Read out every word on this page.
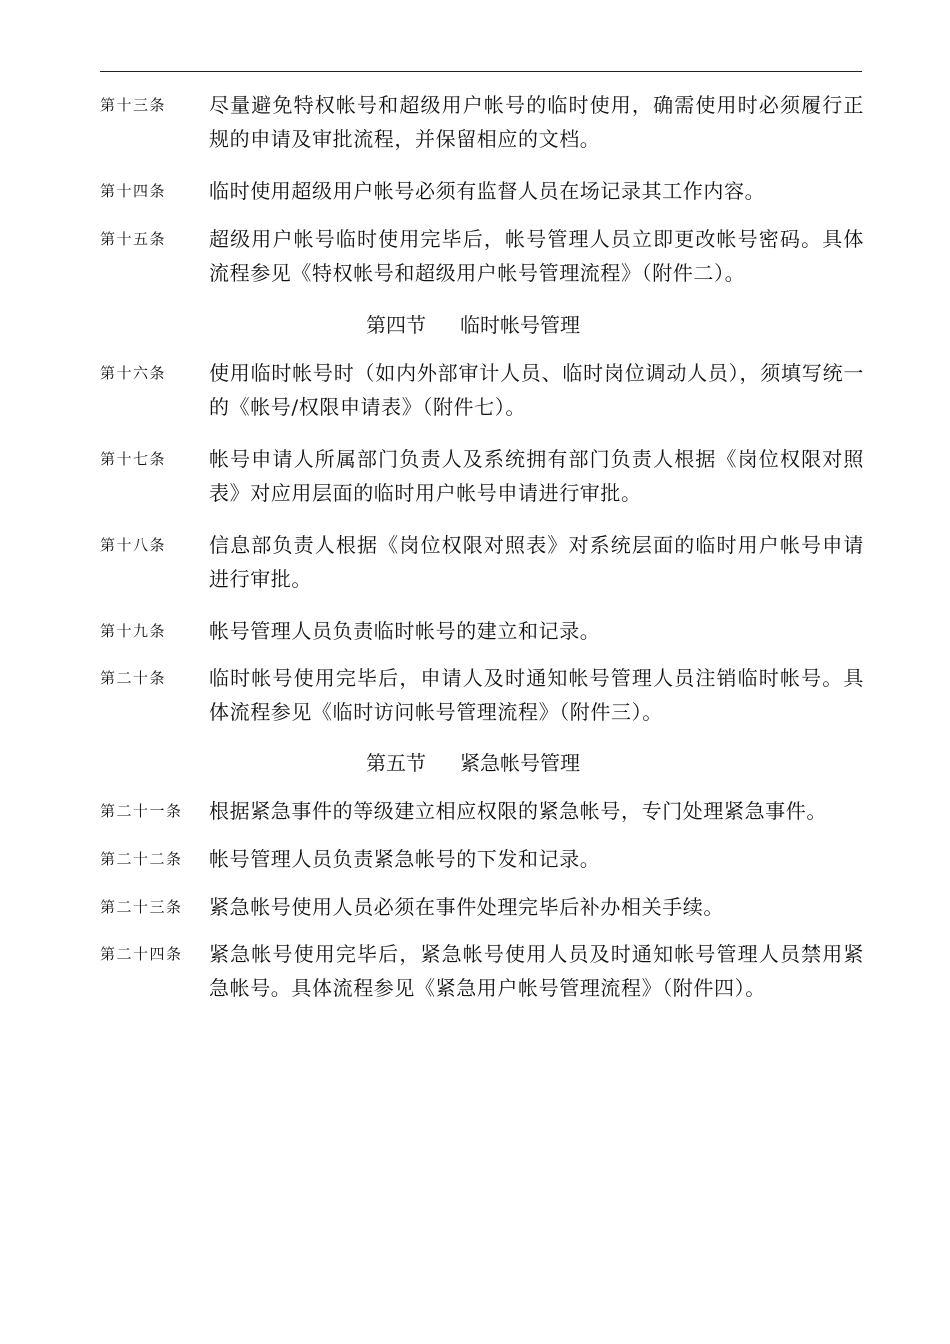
第十三条 尽量避免特权帐号和超级用户帐号的临时使用，确需使用时必须履行正规的申请及审批流程，并保留相应的文档。
第十四条 临时使用超级用户帐号必须有监督人员在场记录其工作内容。
第十五条 超级用户帐号临时使用完毕后，帐号管理人员立即更改帐号密码。具体流程参见《特权帐号和超级用户帐号管理流程》（附件二）。
第四节 临时帐号管理
第十六条 使用临时帐号时（如内外部审计人员、临时岗位调动人员），须填写统一的《帐号/权限申请表》（附件七）。
第十七条 帐号申请人所属部门负责人及系统拥有部门负责人根据《岗位权限对照表》对应用层面的临时用户帐号申请进行审批。
第十八条 信息部负责人根据《岗位权限对照表》对系统层面的临时用户帐号申请进行审批。
第十九条 帐号管理人员负责临时帐号的建立和记录。
第二十条 临时帐号使用完毕后，申请人及时通知帐号管理人员注销临时帐号。具体流程参见《临时访问帐号管理流程》（附件三）。
第五节 紧急帐号管理
第二十一条 根据紧急事件的等级建立相应权限的紧急帐号，专门处理紧急事件。
第二十二条 帐号管理人员负责紧急帐号的下发和记录。
第二十三条 紧急帐号使用人员必须在事件处理完毕后补办相关手续。
第二十四条 紧急帐号使用完毕后，紧急帐号使用人员及时通知帐号管理人员禁用紧急帐号。具体流程参见《紧急用户帐号管理流程》（附件四）。
